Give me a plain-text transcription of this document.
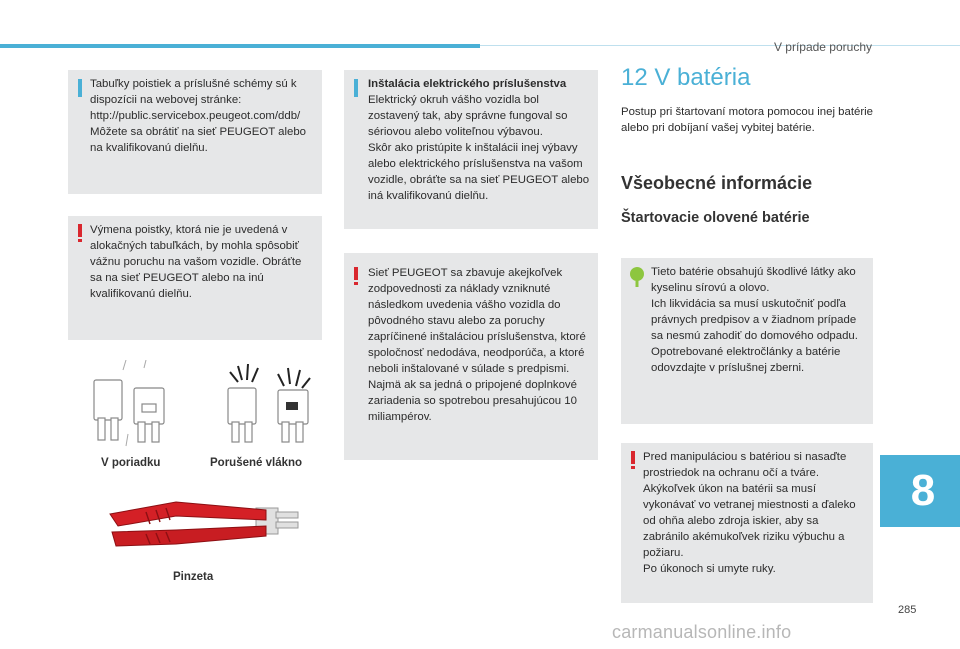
V prípade poruchy

Tabuľky poistiek a príslušné schémy sú k dispozícii na webovej stránke: http://public.servicebox.peugeot.com/ddb/ Môžete sa obrátiť na sieť PEUGEOT alebo na kvalifikovanú dielňu.

Výmena poistky, ktorá nie je uvedená v alokačných tabuľkách, by mohla spôsobiť vážnu poruchu na vašom vozidle. Obráťte sa na sieť PEUGEOT alebo na inú kvalifikovanú dielňu.

V poriadku	Porušené vlákno
Pinzeta

Inštalácia elektrického príslušenstva

Elektrický okruh vášho vozidla bol zostavený tak, aby správne fungoval so sériovou alebo voliteľnou výbavou.
Skôr ako pristúpite k inštalácii inej výbavy alebo elektrického príslušenstva na vašom vozidle, obráťte sa na sieť PEUGEOT alebo iná kvalifikovanú dielňu.

Sieť PEUGEOT sa zbavuje akejkoľvek zodpovednosti za náklady vzniknuté následkom uvedenia vášho vozidla do pôvodného stavu alebo za poruchy zapríčinené inštaláciou príslušenstva, ktoré spoločnosť nedodáva, neodporúča, a ktoré neboli inštalované v súlade s predpismi. Najmä ak sa jedná o pripojené doplnkové zariadenia so spotrebou presahujúcou 10 miliampérov.

12 V batéria
Postup pri štartovaní motora pomocou inej batérie alebo pri dobíjaní vašej vybitej batérie.
Všeobecné informácie
Štartovacie olovené batérie

Tieto batérie obsahujú škodlivé látky ako kyselinu sírovú a olovo.
Ich likvidácia sa musí uskutočniť podľa právnych predpisov a v žiadnom prípade sa nesmú zahodiť do domového odpadu.
Opotrebované elektročlánky a batérie odovzdajte v príslušnej zberni.

Pred manipuláciou s batériou si nasaďte prostriedok na ochranu očí a tváre.
Akýkoľvek úkon na batérii sa musí vykonávať vo vetranej miestnosti a ďaleko od ohňa alebo zdroja iskier, aby sa zabránilo akémukoľvek riziku výbuchu a požiaru.
Po úkonoch si umyte ruky.

8
285
carmanualsonline.info
